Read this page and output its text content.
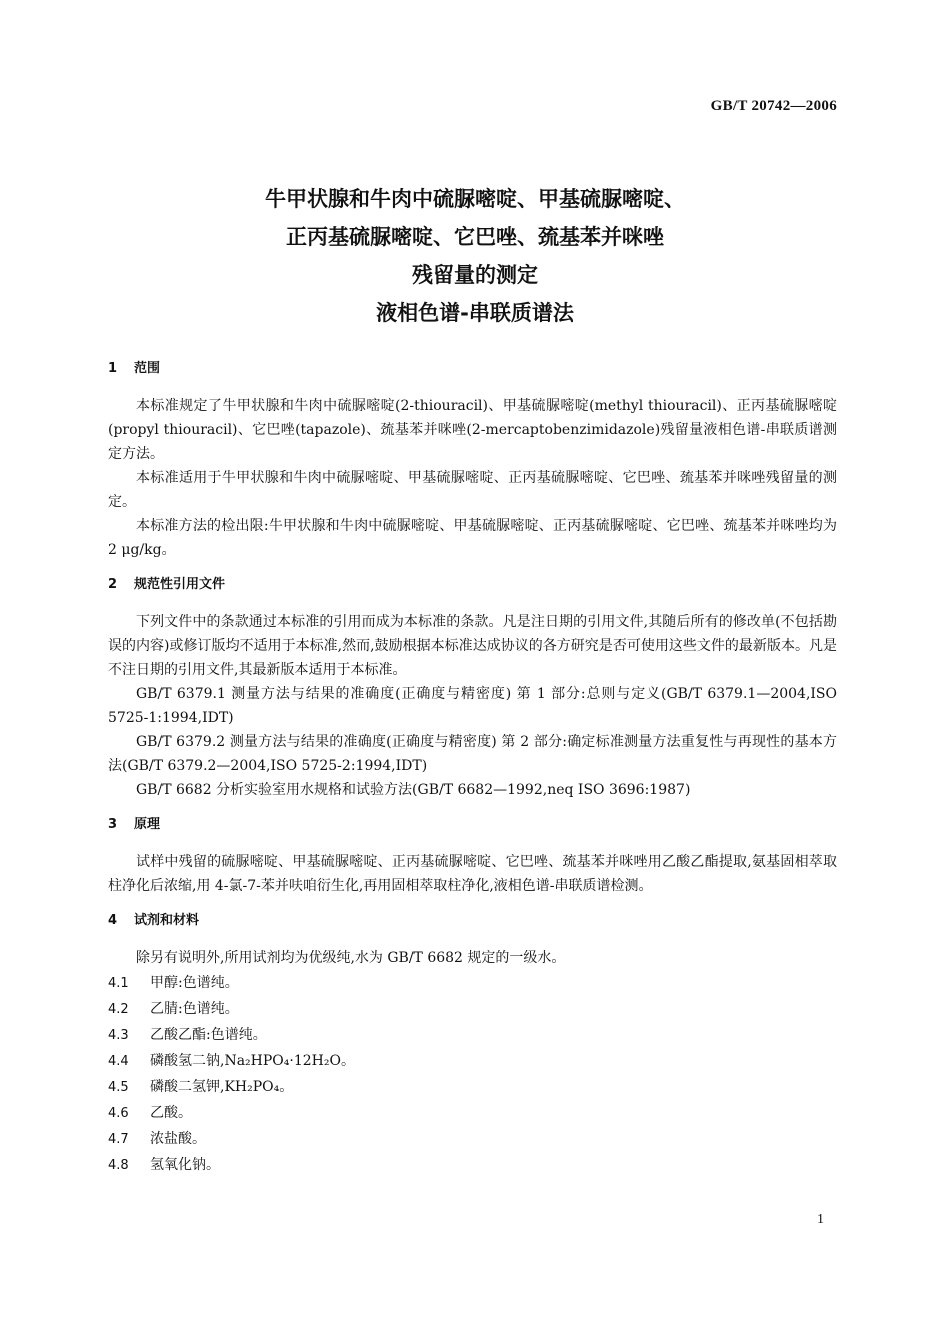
GB/T 20742—2006
牛甲状腺和牛肉中硫脲嘧啶、甲基硫脲嘧啶、
正丙基硫脲嘧啶、它巴唑、巯基苯并咪唑
残留量的测定
液相色谱-串联质谱法
1 范围
本标准规定了牛甲状腺和牛肉中硫脲嘧啶(2-thiouracil)、甲基硫脲嘧啶(methyl thiouracil)、正丙基硫脲嘧啶(propyl thiouracil)、它巴唑(tapazole)、巯基苯并咪唑(2-mercaptobenzimidazole)残留量液相色谱-串联质谱测定方法。
本标准适用于牛甲状腺和牛肉中硫脲嘧啶、甲基硫脲嘧啶、正丙基硫脲嘧啶、它巴唑、巯基苯并咪唑残留量的测定。
本标准方法的检出限:牛甲状腺和牛肉中硫脲嘧啶、甲基硫脲嘧啶、正丙基硫脲嘧啶、它巴唑、巯基苯并咪唑均为 2 μg/kg。
2 规范性引用文件
下列文件中的条款通过本标准的引用而成为本标准的条款。凡是注日期的引用文件,其随后所有的修改单(不包括勘误的内容)或修订版均不适用于本标准,然而,鼓励根据本标准达成协议的各方研究是否可使用这些文件的最新版本。凡是不注日期的引用文件,其最新版本适用于本标准。
GB/T 6379.1 测量方法与结果的准确度(正确度与精密度) 第 1 部分:总则与定义(GB/T 6379.1—2004,ISO 5725-1:1994,IDT)
GB/T 6379.2 测量方法与结果的准确度(正确度与精密度) 第 2 部分:确定标准测量方法重复性与再现性的基本方法(GB/T 6379.2—2004,ISO 5725-2:1994,IDT)
GB/T 6682 分析实验室用水规格和试验方法(GB/T 6682—1992,neq ISO 3696:1987)
3 原理
试样中残留的硫脲嘧啶、甲基硫脲嘧啶、正丙基硫脲嘧啶、它巴唑、巯基苯并咪唑用乙酸乙酯提取,氨基固相萃取柱净化后浓缩,用 4-氯-7-苯并呋咱衍生化,再用固相萃取柱净化,液相色谱-串联质谱检测。
4 试剂和材料
除另有说明外,所用试剂均为优级纯,水为 GB/T 6682 规定的一级水。
4.1 甲醇:色谱纯。
4.2 乙腈:色谱纯。
4.3 乙酸乙酯:色谱纯。
4.4 磷酸氢二钠,Na₂HPO₄·12H₂O。
4.5 磷酸二氢钾,KH₂PO₄。
4.6 乙酸。
4.7 浓盐酸。
4.8 氢氧化钠。
1
